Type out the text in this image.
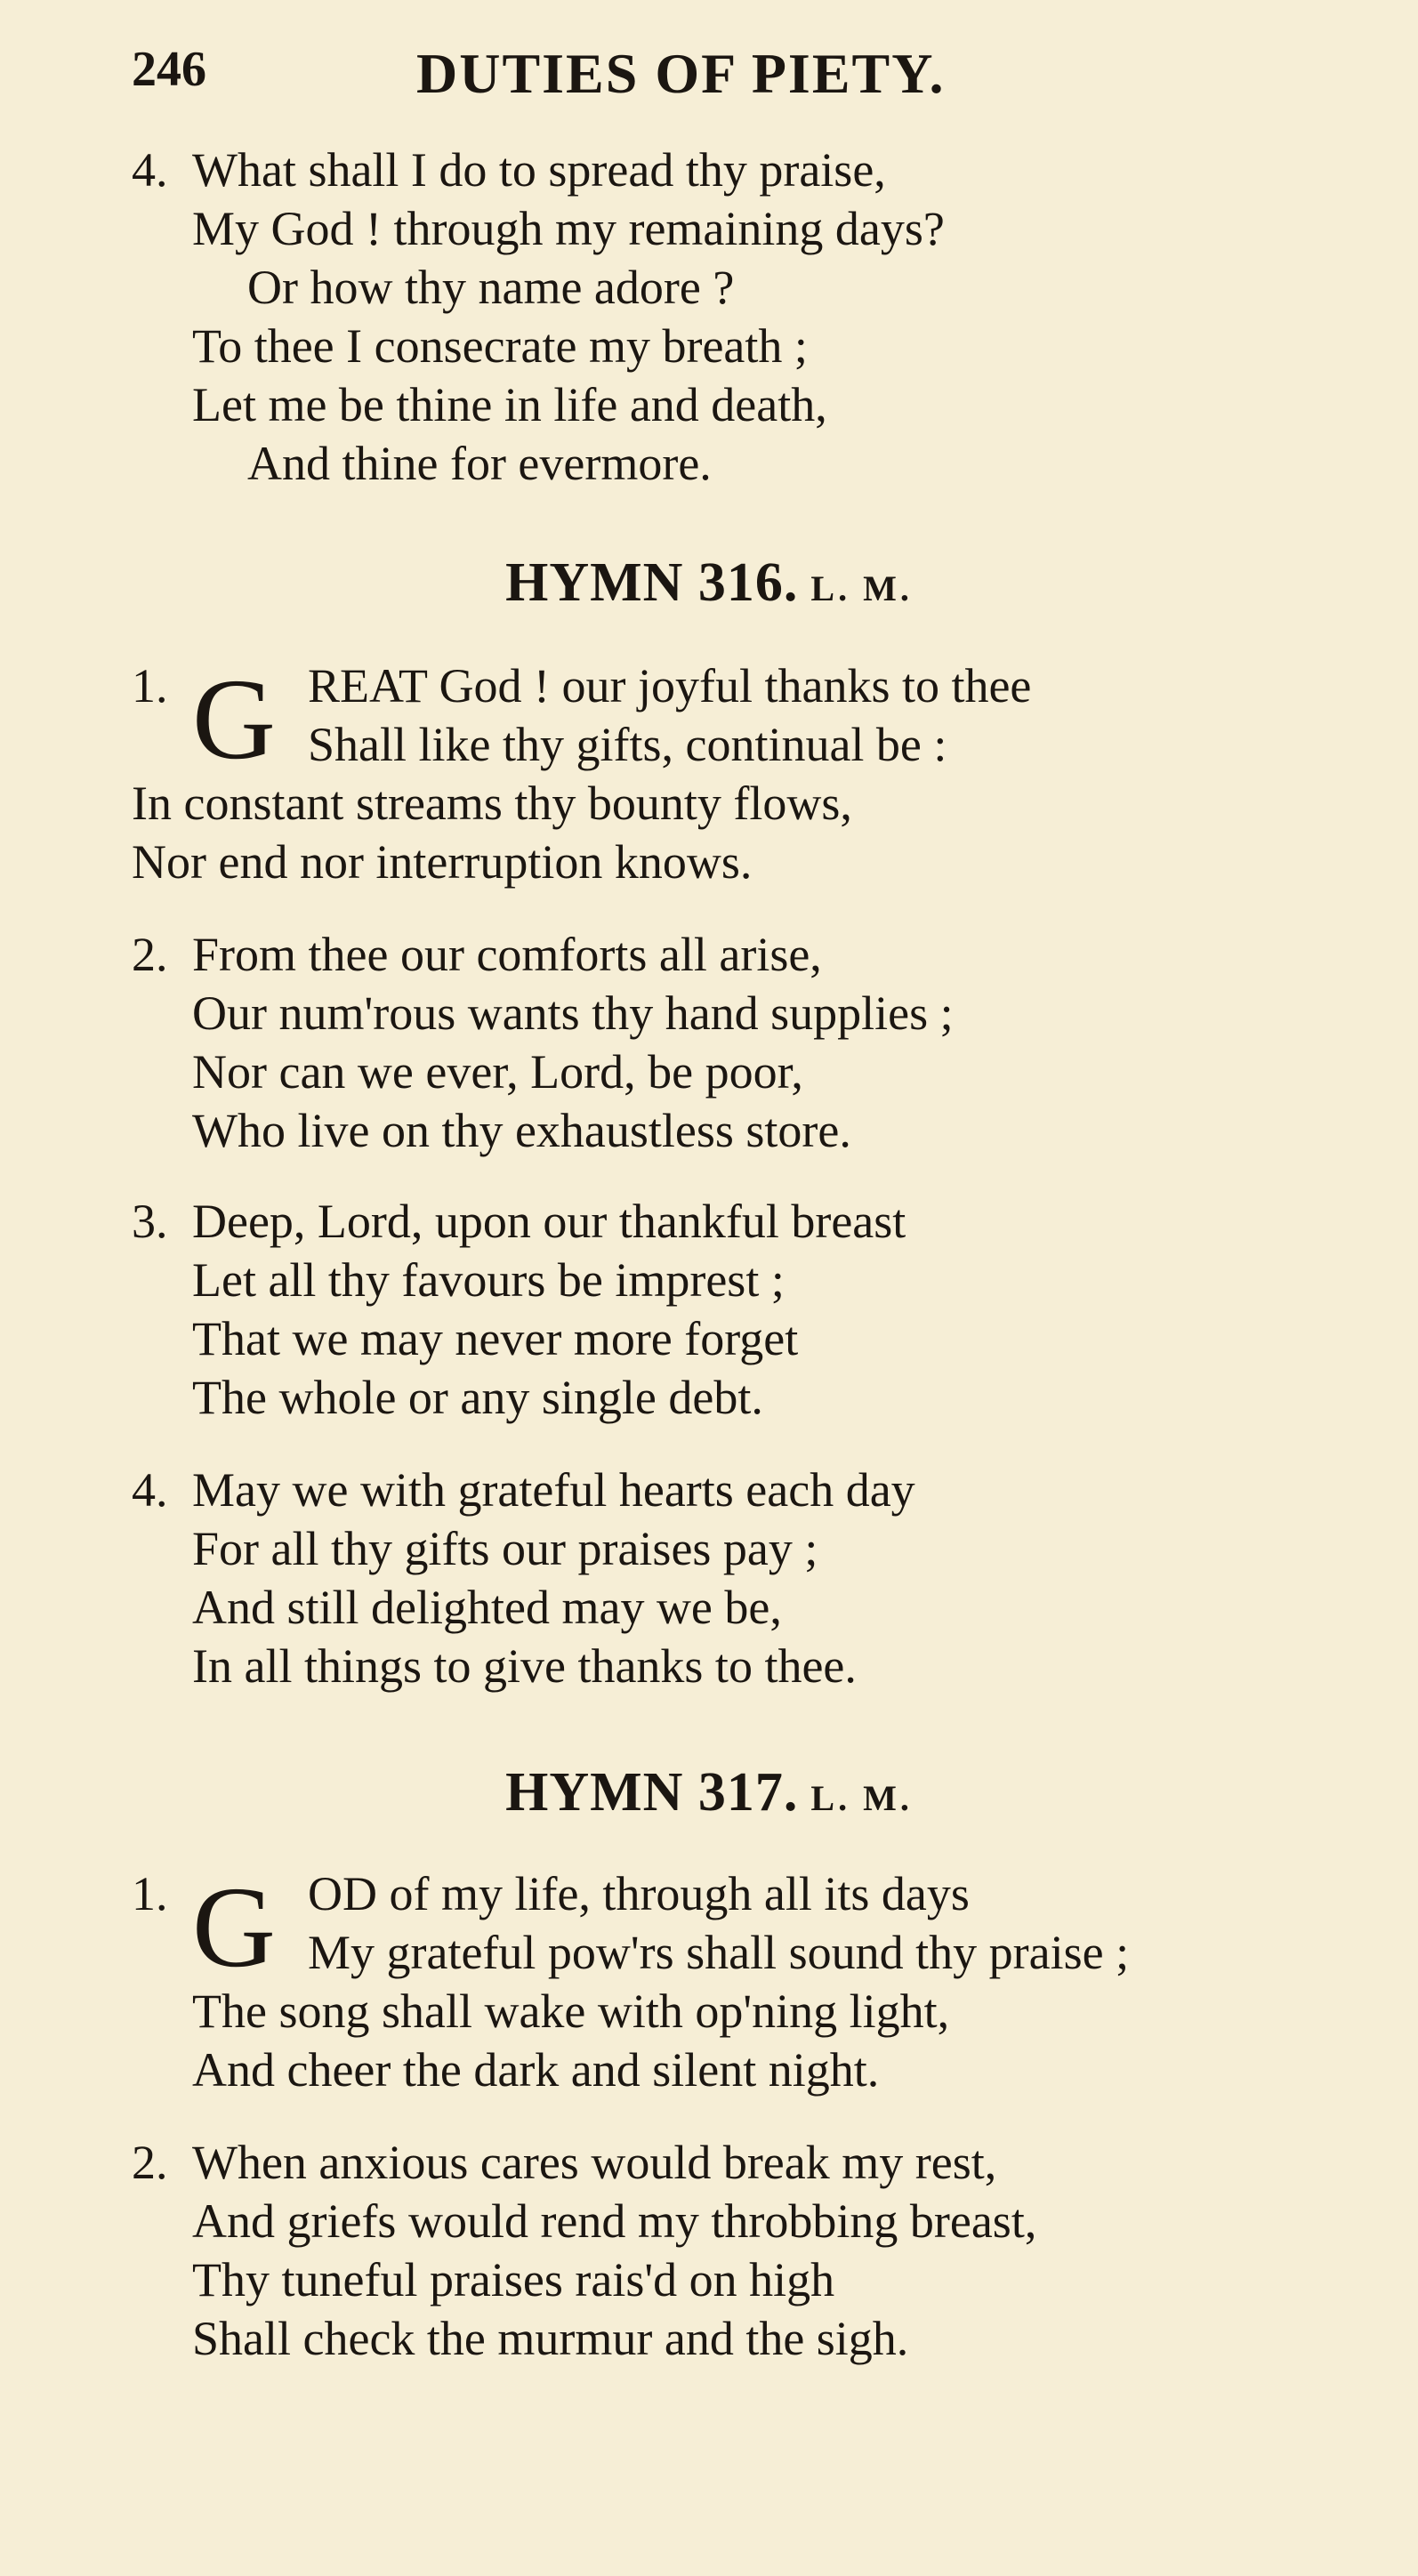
246	DUTIES OF PIETY.
4. What shall I do to spread thy praise,
My God ! through my remaining days?
Or how thy name adore ?
To thee I consecrate my breath ;
Let me be thine in life and death,
And thine for evermore.
HYMN 316. L. M.
1. G REAT God ! our joyful thanks to thee
Shall like thy gifts, continual be :
In constant streams thy bounty flows,
Nor end nor interruption knows.
2. From thee our comforts all arise,
Our num'rous wants thy hand supplies ;
Nor can we ever, Lord, be poor,
Who live on thy exhaustless store.
3. Deep, Lord, upon our thankful breast
Let all thy favours be imprest ;
That we may never more forget
The whole or any single debt.
4. May we with grateful hearts each day
For all thy gifts our praises pay ;
And still delighted may we be,
In all things to give thanks to thee.
HYMN 317. L. M.
1. G OD of my life, through all its days
My grateful pow'rs shall sound thy praise ;
The song shall wake with op'ning light,
And cheer the dark and silent night.
2. When anxious cares would break my rest,
And griefs would rend my throbbing breast,
Thy tuneful praises rais'd on high
Shall check the murmur and the sigh.
